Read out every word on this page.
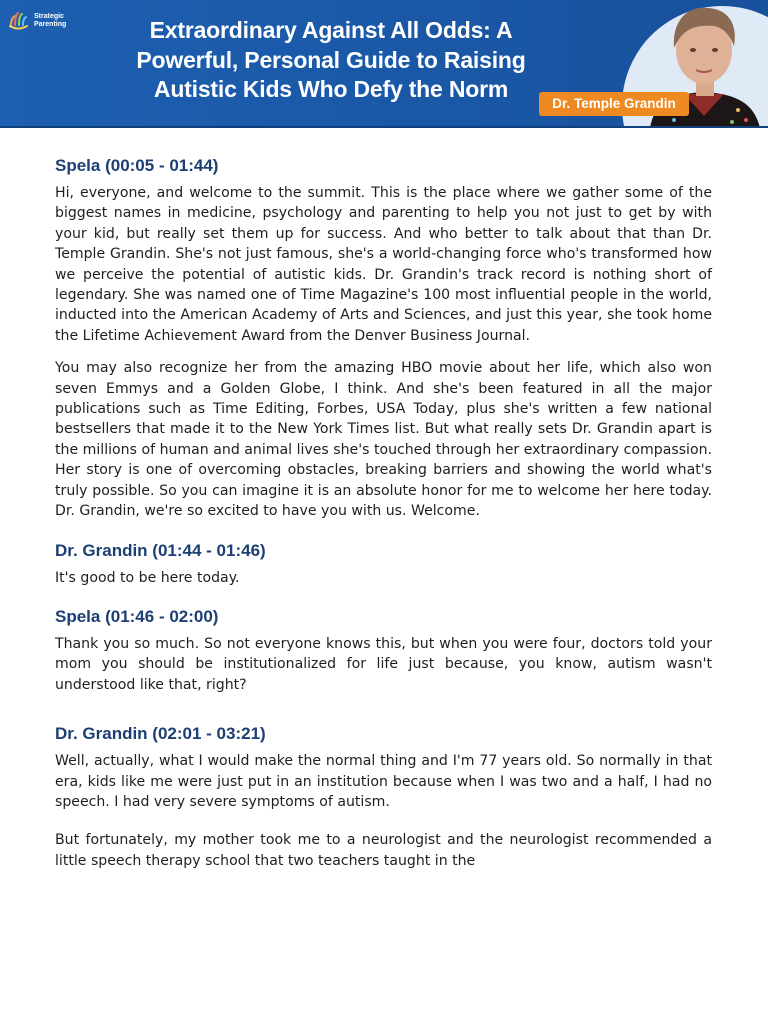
Strategic Parenting	Extraordinary Against All Odds: A Powerful, Personal Guide to Raising Autistic Kids Who Defy the Norm
Dr. Temple Grandin
Spela (00:05 - 01:44)

Hi, everyone, and welcome to the summit. This is the place where we gather some of the biggest names in medicine, psychology and parenting to help you not just to get by with your kid, but really set them up for success. And who better to talk about that than Dr. Temple Grandin. She's not just famous, she's a world-changing force who's transformed how we perceive the potential of autistic kids. Dr. Grandin's track record is nothing short of legendary. She was named one of Time Magazine's 100 most influential people in the world, inducted into the American Academy of Arts and Sciences, and just this year, she took home the Lifetime Achievement Award from the Denver Business Journal.

You may also recognize her from the amazing HBO movie about her life, which also won seven Emmys and a Golden Globe, I think. And she's been featured in all the major publications such as Time Editing, Forbes, USA Today, plus she's written a few national bestsellers that made it to the New York Times list. But what really sets Dr. Grandin apart is the millions of human and animal lives she's touched through her extraordinary compassion. Her story is one of overcoming obstacles, breaking barriers and showing the world what's truly possible. So you can imagine it is an absolute honor for me to welcome her here today. Dr. Grandin, we're so excited to have you with us. Welcome.

Dr. Grandin (01:44 - 01:46)

It's good to be here today.

Spela (01:46 - 02:00)

Thank you so much. So not everyone knows this, but when you were four, doctors told your mom you should be institutionalized for life just because, you know, autism wasn't understood like that, right?

Dr. Grandin (02:01 - 03:21)

Well, actually, what I would make the normal thing and I'm 77 years old. So normally in that era, kids like me were just put in an institution because when I was two and a half, I had no speech. I had very severe symptoms of autism.

But fortunately, my mother took me to a neurologist and the neurologist recommended a little speech therapy school that two teachers taught in the
